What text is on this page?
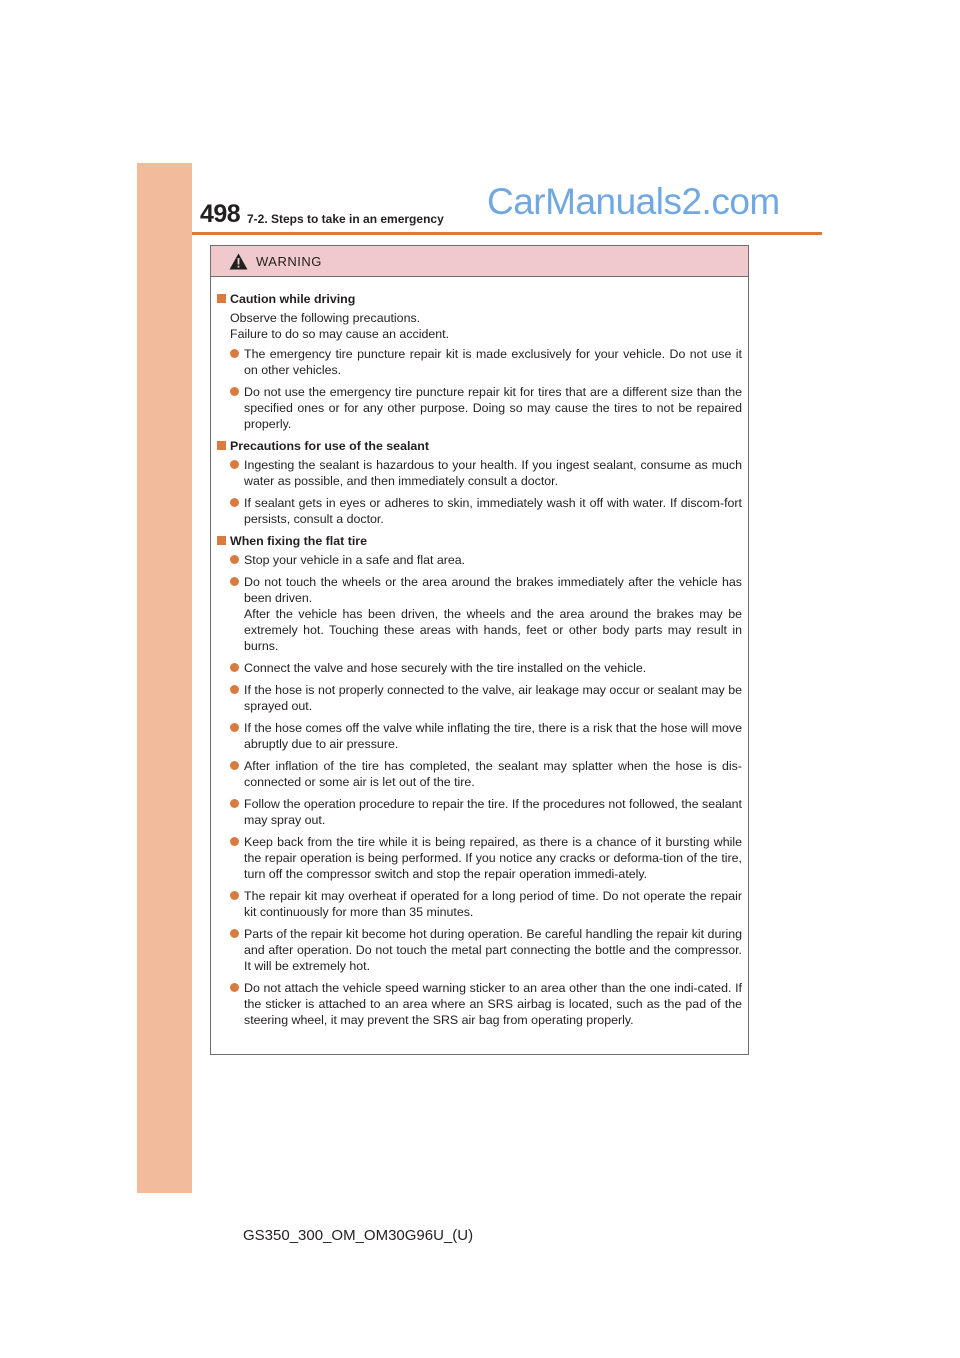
498 7-2. Steps to take in an emergency CarManuals2.com
WARNING
Caution while driving
Observe the following precautions.
Failure to do so may cause an accident.
The emergency tire puncture repair kit is made exclusively for your vehicle. Do not use it on other vehicles.
Do not use the emergency tire puncture repair kit for tires that are a different size than the specified ones or for any other purpose. Doing so may cause the tires to not be repaired properly.
Precautions for use of the sealant
Ingesting the sealant is hazardous to your health. If you ingest sealant, consume as much water as possible, and then immediately consult a doctor.
If sealant gets in eyes or adheres to skin, immediately wash it off with water. If discom-fort persists, consult a doctor.
When fixing the flat tire
Stop your vehicle in a safe and flat area.
Do not touch the wheels or the area around the brakes immediately after the vehicle has been driven.
After the vehicle has been driven, the wheels and the area around the brakes may be extremely hot. Touching these areas with hands, feet or other body parts may result in burns.
Connect the valve and hose securely with the tire installed on the vehicle.
If the hose is not properly connected to the valve, air leakage may occur or sealant may be sprayed out.
If the hose comes off the valve while inflating the tire, there is a risk that the hose will move abruptly due to air pressure.
After inflation of the tire has completed, the sealant may splatter when the hose is dis-connected or some air is let out of the tire.
Follow the operation procedure to repair the tire. If the procedures not followed, the sealant may spray out.
Keep back from the tire while it is being repaired, as there is a chance of it bursting while the repair operation is being performed. If you notice any cracks or deforma-tion of the tire, turn off the compressor switch and stop the repair operation immedi-ately.
The repair kit may overheat if operated for a long period of time. Do not operate the repair kit continuously for more than 35 minutes.
Parts of the repair kit become hot during operation. Be careful handling the repair kit during and after operation. Do not touch the metal part connecting the bottle and the compressor. It will be extremely hot.
Do not attach the vehicle speed warning sticker to an area other than the one indi-cated. If the sticker is attached to an area where an SRS airbag is located, such as the pad of the steering wheel, it may prevent the SRS air bag from operating properly.
GS350_300_OM_OM30G96U_(U)
